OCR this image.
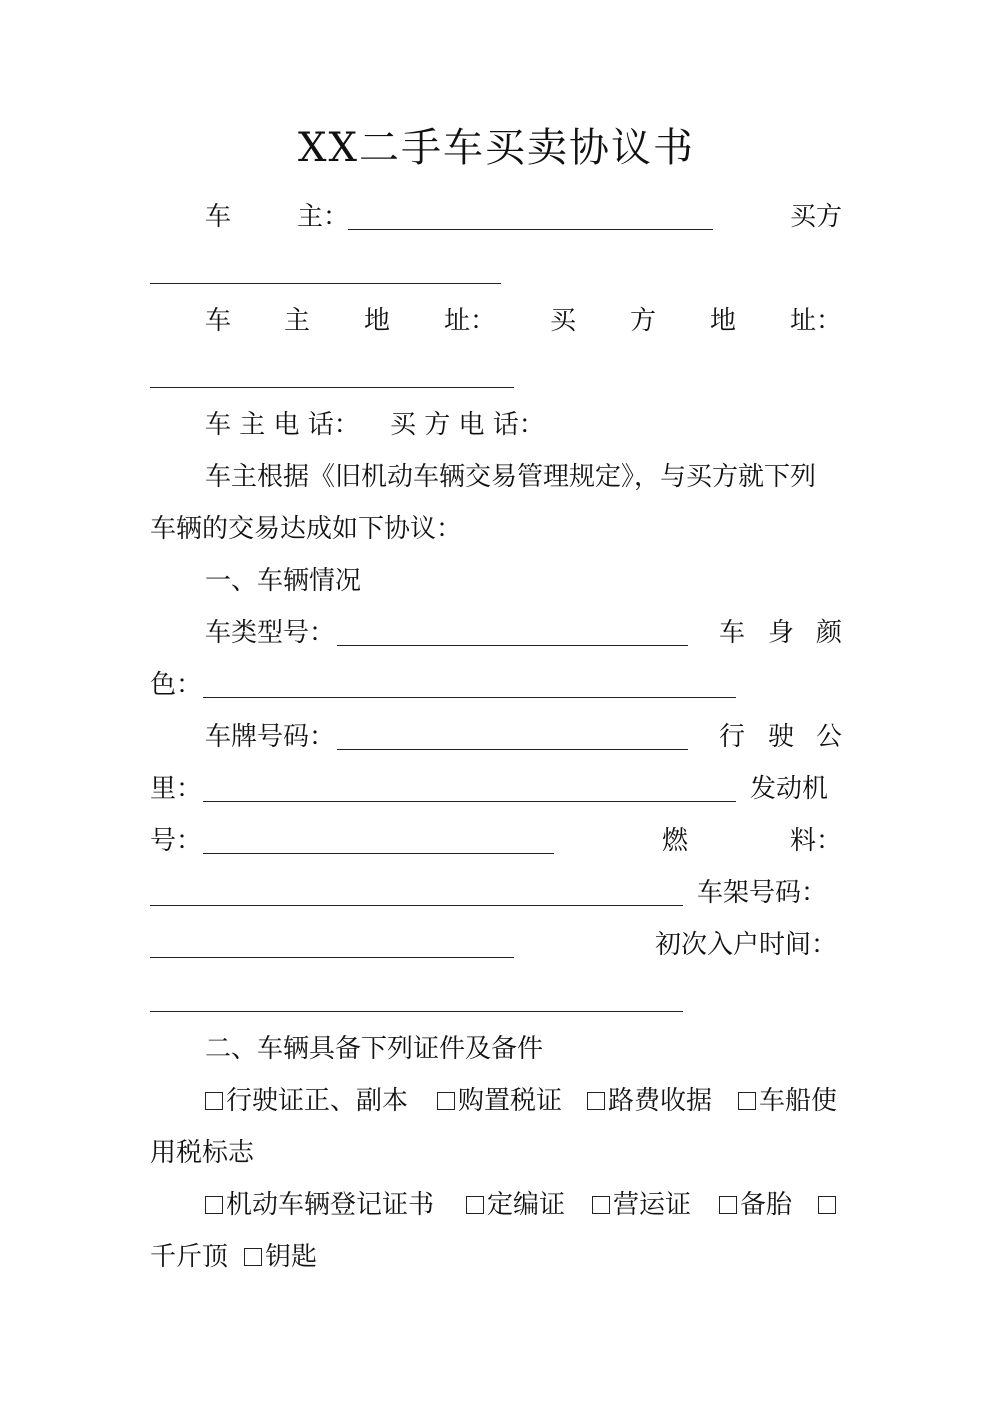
XX二手车买卖协议书
车	主：	买方
车 主 地 址： 买 方 地 址：
车 主 电 话： 买 方 电 话：
车主根据《旧机动车辆交易管理规定》，与买方就下列
车辆的交易达成如下协议：
一、车辆情况
车类型号：	车 身 颜
色：
车牌号码：	行 驶 公
里：	发动机
号：	燃	料：
车架号码：
初次入户时间：
二、车辆具备下列证件及备件
行驶证正、副本	购置税证	路费收据	车船使
用税标志
机动车辆登记证书	定编证	营运证	备胎
千斤顶	钥匙
